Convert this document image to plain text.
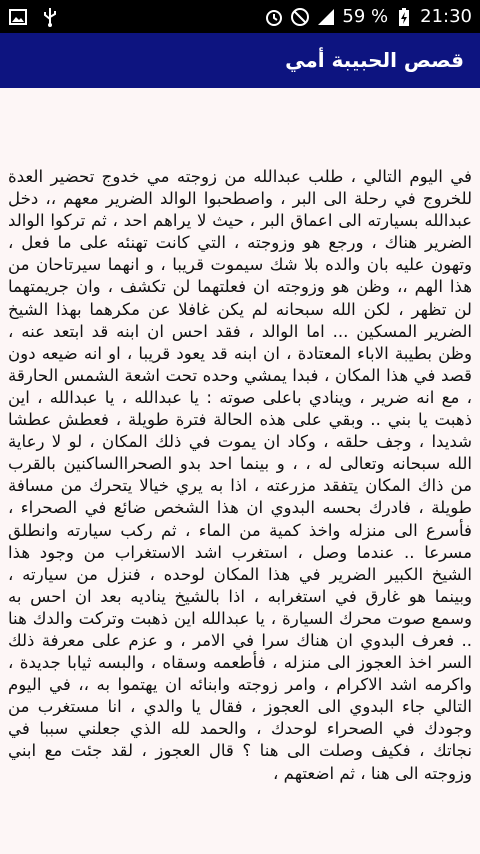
59 % 21:30
قصص الحبيبة أمي

في اليوم التالي ، طلب عبدالله من زوجته مي خدوج تحضير العدة للخروج في رحلة الى البر ، واصطحبوا الوالد الضرير معهم ،، دخل عبدالله بسيارته الى اعماق البر ، حيث لا يراهم احد ، ثم تركوا الوالد الضرير هناك ، ورجع هو وزوجته ، التي كانت تهنئه على ما فعل ، وتهون عليه بان والده بلا شك سيموت قريبا ، و انهما سيرتاحان من هذا الهم ،، وظن هو وزوجته ان فعلتهما لن تكشف ، وان جريمتهما لن تظهر ، لكن الله سبحانه لم يكن غافلا عن مكرهما بهذا الشيخ الضرير المسكين ... اما الوالد ، فقد احس ان ابنه قد ابتعد عنه ، وظن بطيبة الاباء المعتادة ، ان ابنه قد يعود قريبا ، او انه ضيعه دون قصد في هذا المكان ، فبدا يمشي وحده تحت اشعة الشمس الحارقة ، مع انه ضرير ، وينادي باعلى صوته : يا عبدالله ، يا عبدالله ، اين ذهبت يا بني .. وبقي على هذه الحالة فترة طويلة ، فعطش عطشا شديدا ، وجف حلقه ، وكاد ان يموت في ذلك المكان ، لو لا رعاية الله سبحانه وتعالى له ، ، و بينما احد بدو الصحراالساكنين بالقرب من ذاك المكان يتفقد مزرعته ، اذا به يري خيالا يتحرك من مسافة طويلة ، فادرك بحسه البدوي ان هذا الشخص ضائع في الصحراء ، فأسرع الى منزله واخذ كمية من الماء ، ثم ركب سيارته وانطلق مسرعا .. عندما وصل ، استغرب اشد الاستغراب من وجود هذا الشيخ الكبير الضرير في هذا المكان لوحده ، فنزل من سيارته ، وبينما هو غارق في استغرابه ، اذا بالشيخ يناديه بعد ان احس به وسمع صوت محرك السيارة ، يا عبدالله اين ذهبت وتركت والدك هنا .. فعرف البدوي ان هناك سرا في الامر ، و عزم على معرفة ذلك السر اخذ العجوز الى منزله ، فأطعمه وسقاه ، والبسه ثيابا جديدة ، واكرمه اشد الاكرام ، وامر زوجته وابنائه ان يهتموا به ،، في اليوم التالي جاء البدوي الى العجوز ، فقال يا والدي ، انا مستغرب من وجودك في الصحراء لوحدك ، والحمد لله الذي جعلني سببا في نجاتك ، فكيف وصلت الى هنا ؟ قال العجوز ، لقد جئت مع ابني وزوجته الى هنا ، ثم اضعتهم ،
